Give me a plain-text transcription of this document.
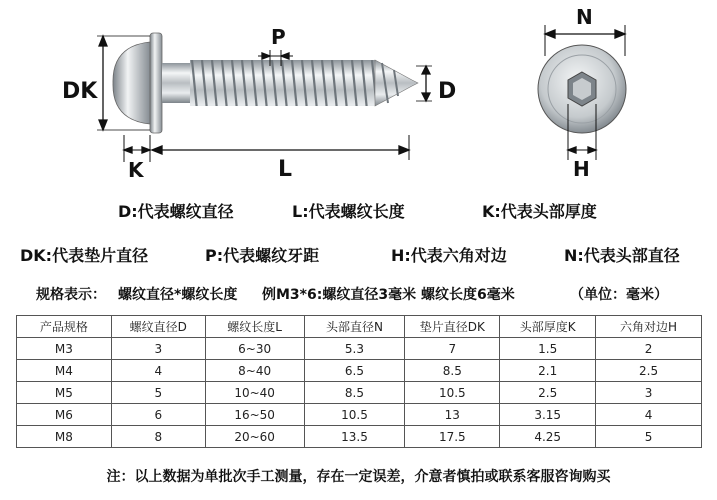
DK
P
D
K	L
N
H
D:代表螺纹直径	L:代表螺纹长度	K:代表头部厚度
DK:代表垫片直径	P:代表螺纹牙距	H:代表六角对边	N:代表头部直径
规格表示： 螺纹直径*螺纹长度 例M3*6:螺纹直径3毫米 螺纹长度6毫米	（单位：毫米）
产品规格	螺纹直径D	螺纹长度L	头部直径N	垫片直径DK	头部厚度K	六角对边H
M3	3	6~30	5.3	7	1.5	2
M4	4	8~40	6.5	8.5	2.1	2.5
M5	5	10~40	8.5	10.5	2.5	3
M6	6	16~50	10.5	13	3.15	4
M8	8	20~60	13.5	17.5	4.25	5
注：以上数据为单批次手工测量，存在一定误差，介意者慎拍或联系客服咨询购买
